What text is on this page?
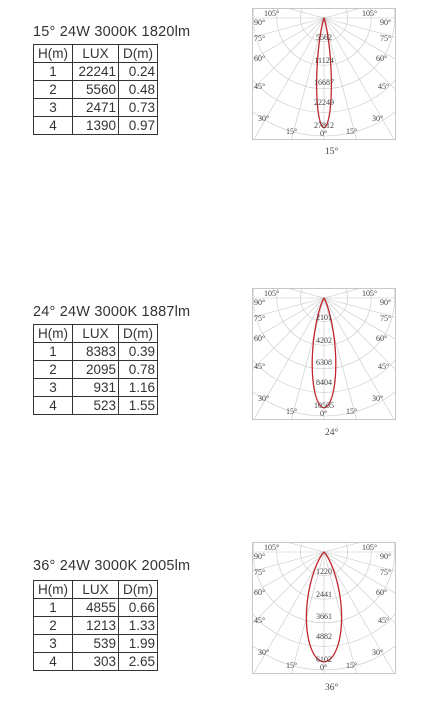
15° 24W 3000K 1820lm
H(m)	LUX	D(m)
1	22241	0.24
2	5560	0.48
3	2471	0.73
4	1390	0.97
105°	105°
90°	90°
75°	75°
60°	60°
45°	45°
30°	30°
15°	15°
0°
5562
11124
16687
22249
27812
15°
24° 24W 3000K 1887lm
H(m)	LUX	D(m)
1	8383	0.39
2	2095	0.78
3	931	1.16
4	523	1.55
105°	105°
90°	90°
75°	75°
60°	60°
45°	45°
30°	30°
15°	15°
0°
2101
4202
6308
8404
10505
24°
36° 24W 3000K 2005lm
H(m)	LUX	D(m)
1	4855	0.66
2	1213	1.33
3	539	1.99
4	303	2.65
105°	105°
90°	90°
75°	75°
60°	60°
45°	45°
30°	30°
15°	15°
0°
1220
2441
3661
4882
6102
36°
